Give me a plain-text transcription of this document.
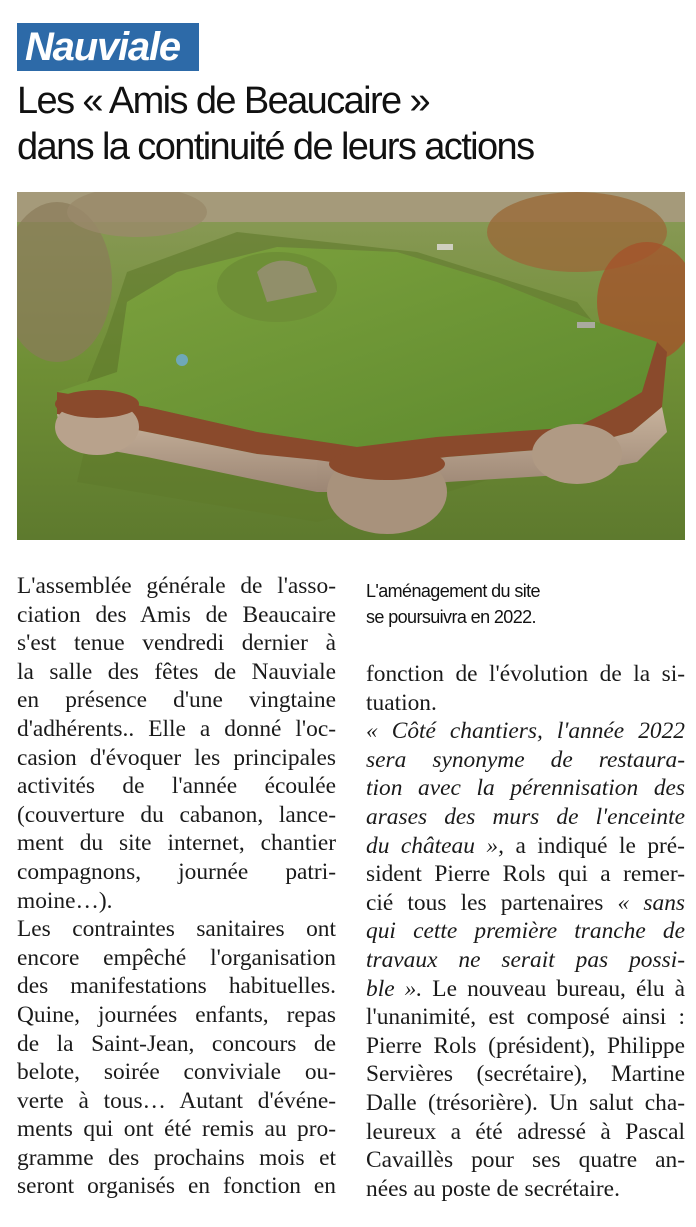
Nauviale
Les « Amis de Beaucaire »
dans la continuité de leurs actions
L'assemblée générale de l'asso-
ciation des Amis de Beaucaire
s'est tenue vendredi dernier à
la salle des fêtes de Nauviale
en présence d'une vingtaine
d'adhérents.. Elle a donné l'oc-
casion d'évoquer les principales
activités de l'année écoulée
(couverture du cabanon, lance-
ment du site internet, chantier
compagnons, journée patri-
moine…).
Les contraintes sanitaires ont
encore empêché l'organisation
des manifestations habituelles.
Quine, journées enfants, repas
de la Saint-Jean, concours de
belote, soirée conviviale ou-
verte à tous… Autant d'événe-
ments qui ont été remis au pro-
gramme des prochains mois et
seront organisés en fonction en
L'aménagement du site
se poursuivra en 2022.
fonction de l'évolution de la si-
tuation.
« Côté chantiers, l'année 2022
sera synonyme de restaura-
tion avec la pérennisation des
arases des murs de l'enceinte
du château », a indiqué le pré-
sident Pierre Rols qui a remer-
cié tous les partenaires « sans
qui cette première tranche de
travaux ne serait pas possi-
ble ». Le nouveau bureau, élu à
l'unanimité, est composé ainsi :
Pierre Rols (président), Philippe
Servières (secrétaire), Martine
Dalle (trésorière). Un salut cha-
leureux a été adressé à Pascal
Cavaillès pour ses quatre an-
nées au poste de secrétaire.
